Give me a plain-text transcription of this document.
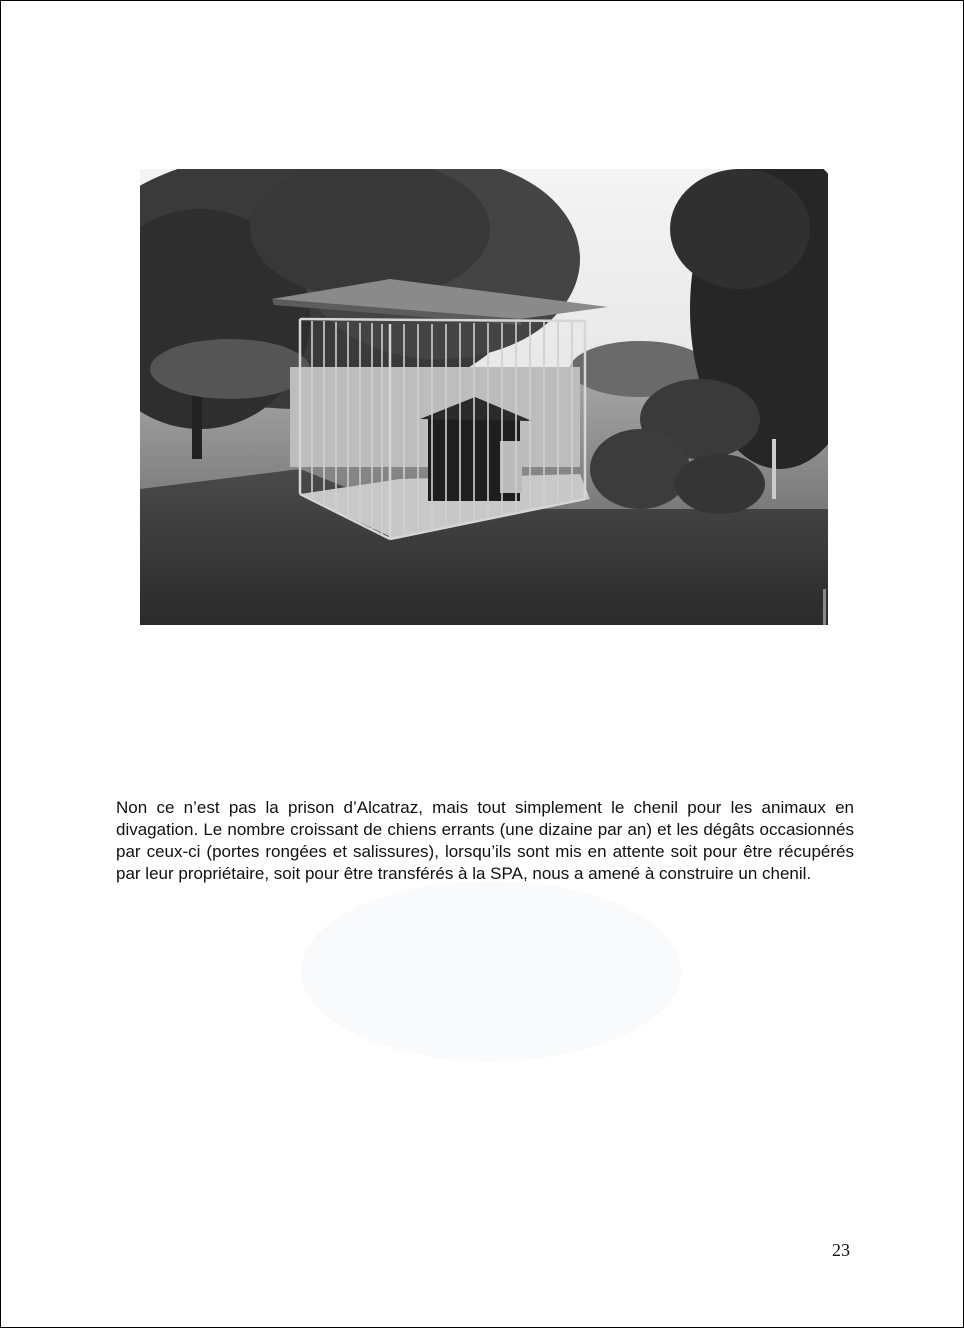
Non ce n’est pas la prison d’Alcatraz, mais tout simplement le chenil pour les animaux en divagation. Le nombre croissant de chiens errants (une dizaine par an) et les dégâts occasionnés par ceux-ci (portes rongées et salissures), lorsqu’ils sont mis en attente soit pour être récupérés par leur propriétaire, soit pour être transférés à la SPA, nous a amené à construire un chenil.

23
